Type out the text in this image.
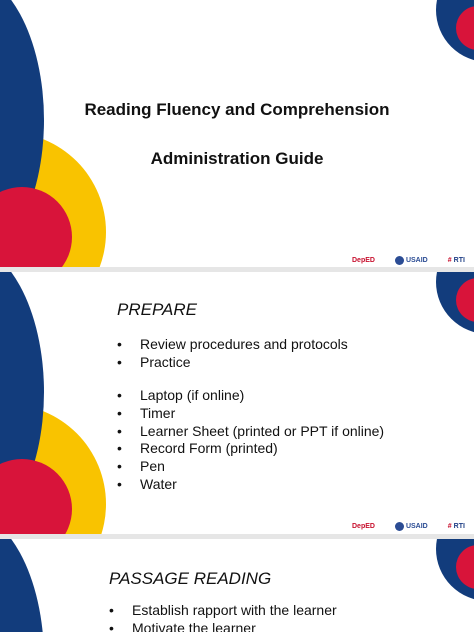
Reading Fluency and Comprehension
Administration Guide
DepED	USAID	# RTI
PREPARE
• Review procedures and protocols
• Practice
• Laptop (if online)
• Timer
• Learner Sheet (printed or PPT if online)
• Record Form (printed)
• Pen
• Water
DepED	USAID	# RTI
PASSAGE READING
• Establish rapport with the learner
• Motivate the learner
